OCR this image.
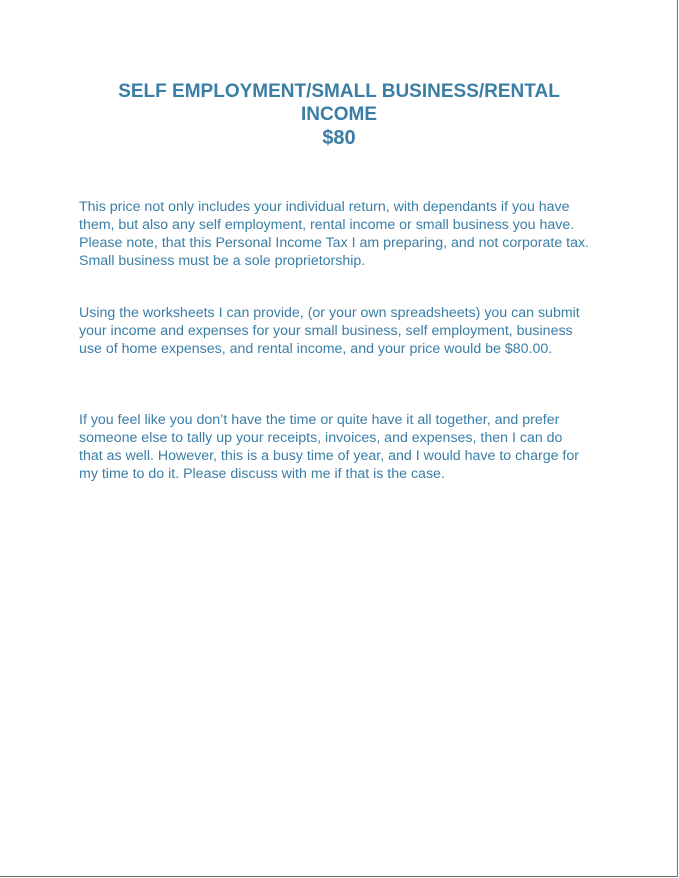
SELF EMPLOYMENT/SMALL BUSINESS/RENTAL
INCOME
$80

This price not only includes your individual return, with dependants if you have
them, but also any self employment, rental income or small business you have.
Please note, that this Personal Income Tax I am preparing, and not corporate tax.
Small business must be a sole proprietorship.

Using the worksheets I can provide, (or your own spreadsheets) you can submit
your income and expenses for your small business, self employment, business
use of home expenses, and rental income, and your price would be $80.00.

If you feel like you don’t have the time or quite have it all together, and prefer
someone else to tally up your receipts, invoices, and expenses, then I can do
that as well. However, this is a busy time of year, and I would have to charge for
my time to do it. Please discuss with me if that is the case.
